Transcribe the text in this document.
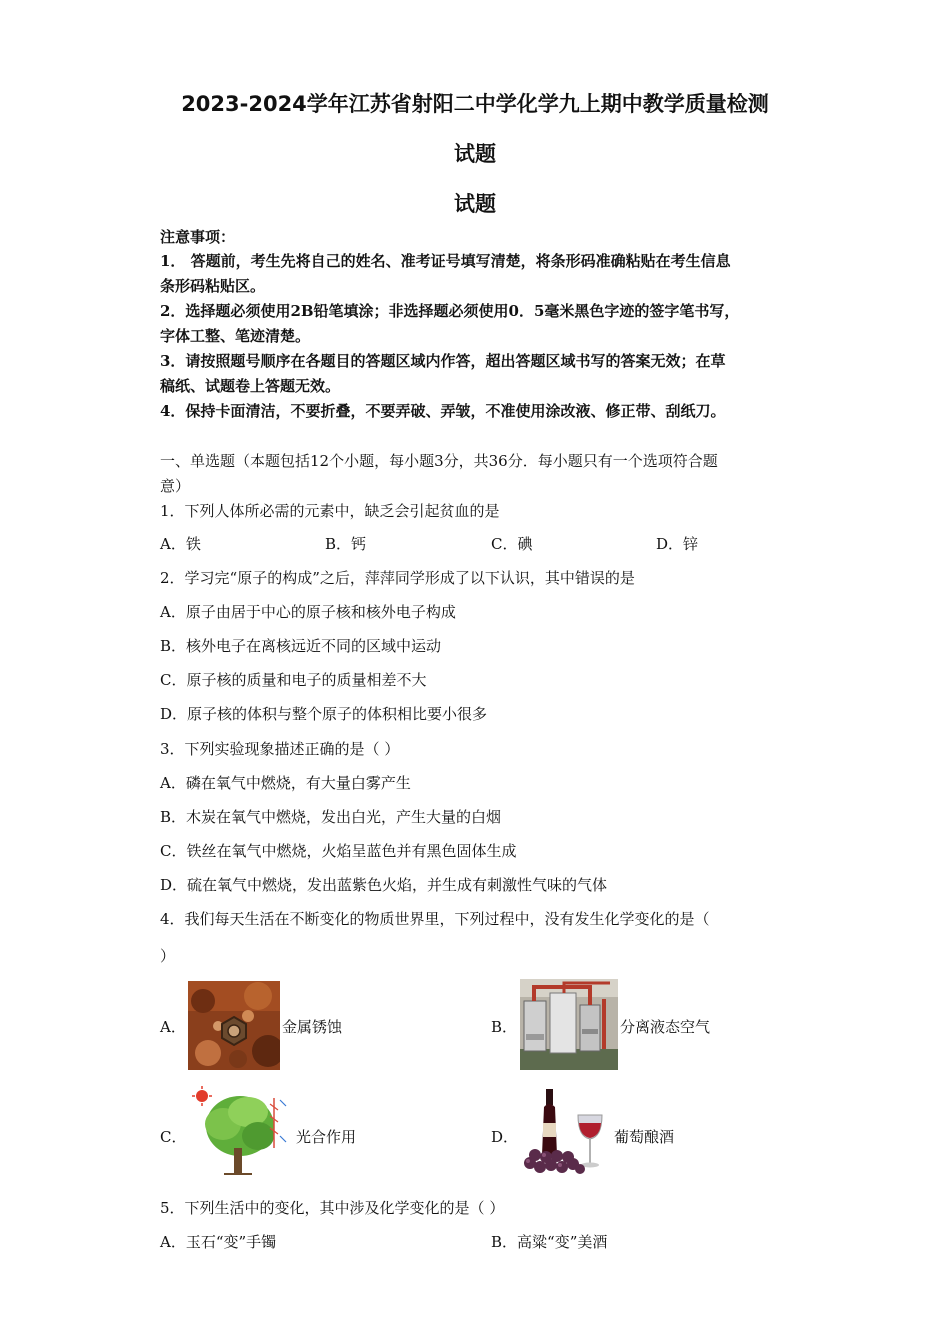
2023-2024学年江苏省射阳二中学化学九上期中教学质量检测
试题
试题
注意事项：
1． 答题前，考生先将自己的姓名、准考证号填写清楚，将条形码准确粘贴在考生信息
条形码粘贴区。
2．选择题必须使用2B铅笔填涂；非选择题必须使用0．5毫米黑色字迹的签字笔书写，
字体工整、笔迹清楚。
3．请按照题号顺序在各题目的答题区域内作答，超出答题区域书写的答案无效；在草
稿纸、试题卷上答题无效。
4．保持卡面清洁，不要折叠，不要弄破、弄皱，不准使用涂改液、修正带、刮纸刀。
一、单选题（本题包括12个小题，每小题3分，共36分．每小题只有一个选项符合题
意）
1．下列人体所必需的元素中，缺乏会引起贫血的是
A．铁	B．钙	C．碘	D．锌
2．学习完“原子的构成”之后，萍萍同学形成了以下认识，其中错误的是
A．原子由居于中心的原子核和核外电子构成
B．核外电子在离核远近不同的区域中运动
C．原子核的质量和电子的质量相差不大
D．原子核的体积与整个原子的体积相比要小很多
3．下列实验现象描述正确的是（ ）
A．磷在氧气中燃烧，有大量白雾产生
B．木炭在氧气中燃烧，发出白光，产生大量的白烟
C．铁丝在氧气中燃烧，火焰呈蓝色并有黑色固体生成
D．硫在氧气中燃烧，发出蓝紫色火焰，并生成有刺激性气味的气体
4．我们每天生活在不断变化的物质世界里，下列过程中，没有发生化学变化的是（
）
A．	金属锈蚀	B．	分离液态空气
C．	光合作用	D．	葡萄酿酒
5．下列生活中的变化，其中涉及化学变化的是（ ）
A．玉石“变”手镯	B．高粱“变”美酒
